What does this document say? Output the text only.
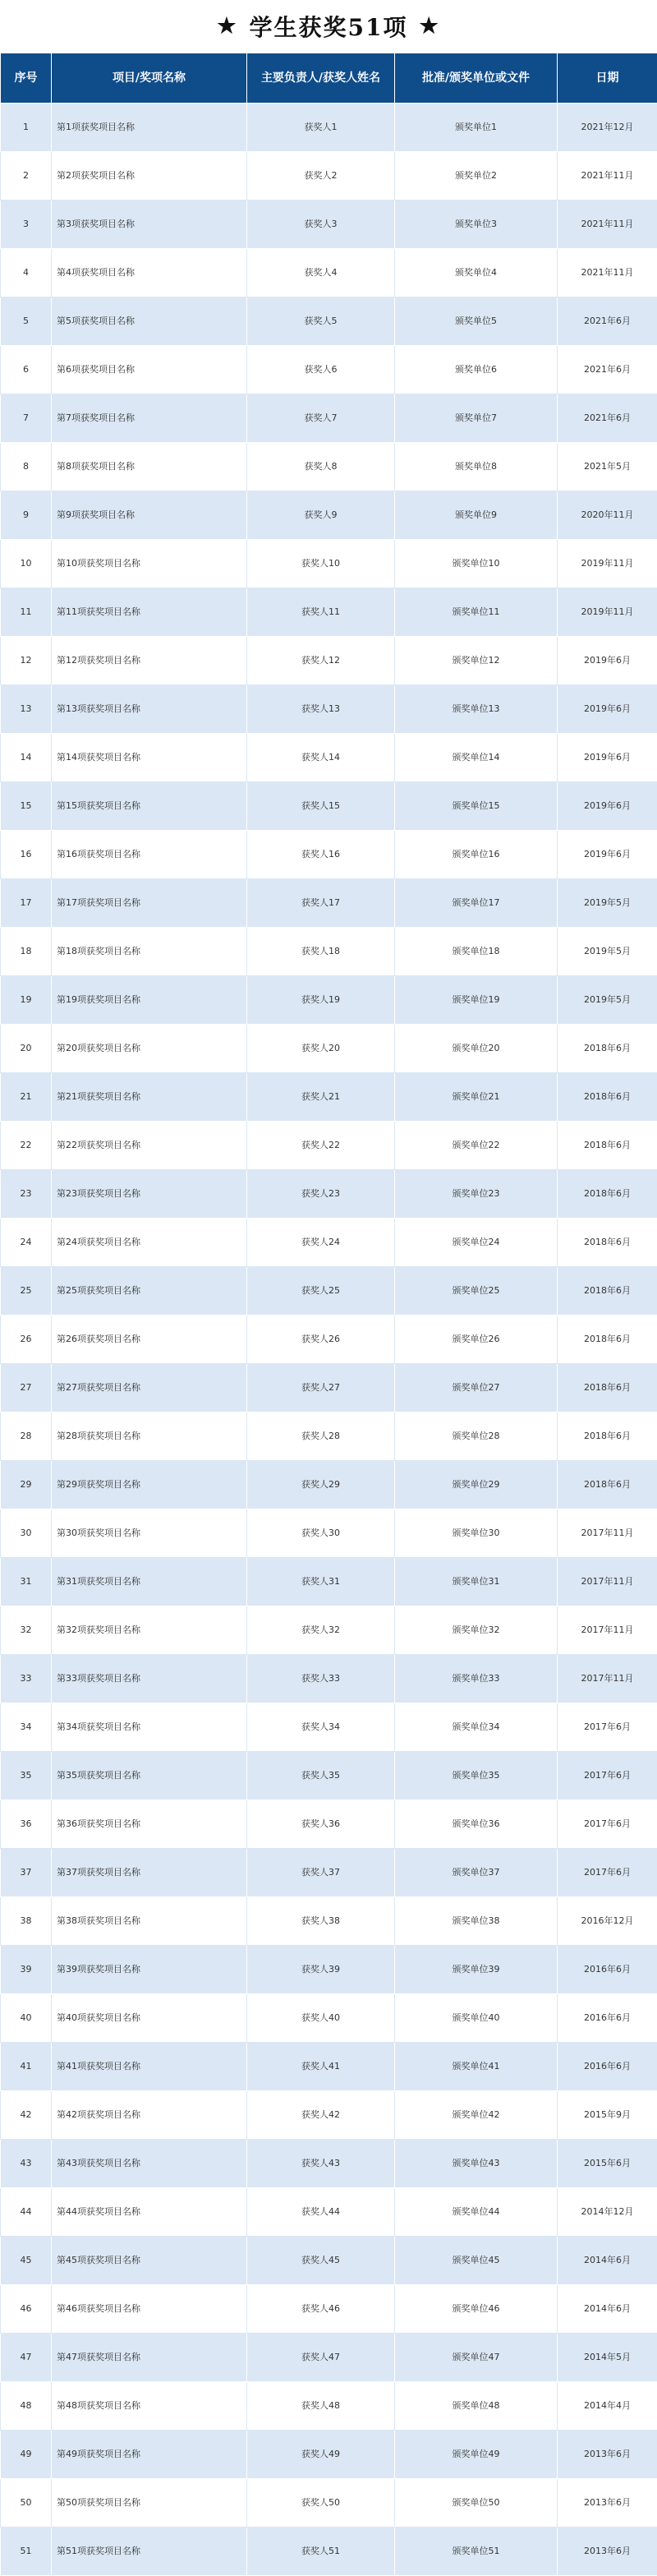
★ 学生获奖51项 ★
序号	项目/奖项名称	主要负责人/获奖人姓名	批准/颁奖单位或文件	日期
1	第1项获奖项目名称	获奖人1	颁奖单位1	2021年12月
2	第2项获奖项目名称	获奖人2	颁奖单位2	2021年11月
3	第3项获奖项目名称	获奖人3	颁奖单位3	2021年11月
4	第4项获奖项目名称	获奖人4	颁奖单位4	2021年11月
5	第5项获奖项目名称	获奖人5	颁奖单位5	2021年6月
6	第6项获奖项目名称	获奖人6	颁奖单位6	2021年6月
7	第7项获奖项目名称	获奖人7	颁奖单位7	2021年6月
8	第8项获奖项目名称	获奖人8	颁奖单位8	2021年5月
9	第9项获奖项目名称	获奖人9	颁奖单位9	2020年11月
10	第10项获奖项目名称	获奖人10	颁奖单位10	2019年11月
11	第11项获奖项目名称	获奖人11	颁奖单位11	2019年11月
12	第12项获奖项目名称	获奖人12	颁奖单位12	2019年6月
13	第13项获奖项目名称	获奖人13	颁奖单位13	2019年6月
14	第14项获奖项目名称	获奖人14	颁奖单位14	2019年6月
15	第15项获奖项目名称	获奖人15	颁奖单位15	2019年6月
16	第16项获奖项目名称	获奖人16	颁奖单位16	2019年6月
17	第17项获奖项目名称	获奖人17	颁奖单位17	2019年5月
18	第18项获奖项目名称	获奖人18	颁奖单位18	2019年5月
19	第19项获奖项目名称	获奖人19	颁奖单位19	2019年5月
20	第20项获奖项目名称	获奖人20	颁奖单位20	2018年6月
21	第21项获奖项目名称	获奖人21	颁奖单位21	2018年6月
22	第22项获奖项目名称	获奖人22	颁奖单位22	2018年6月
23	第23项获奖项目名称	获奖人23	颁奖单位23	2018年6月
24	第24项获奖项目名称	获奖人24	颁奖单位24	2018年6月
25	第25项获奖项目名称	获奖人25	颁奖单位25	2018年6月
26	第26项获奖项目名称	获奖人26	颁奖单位26	2018年6月
27	第27项获奖项目名称	获奖人27	颁奖单位27	2018年6月
28	第28项获奖项目名称	获奖人28	颁奖单位28	2018年6月
29	第29项获奖项目名称	获奖人29	颁奖单位29	2018年6月
30	第30项获奖项目名称	获奖人30	颁奖单位30	2017年11月
31	第31项获奖项目名称	获奖人31	颁奖单位31	2017年11月
32	第32项获奖项目名称	获奖人32	颁奖单位32	2017年11月
33	第33项获奖项目名称	获奖人33	颁奖单位33	2017年11月
34	第34项获奖项目名称	获奖人34	颁奖单位34	2017年6月
35	第35项获奖项目名称	获奖人35	颁奖单位35	2017年6月
36	第36项获奖项目名称	获奖人36	颁奖单位36	2017年6月
37	第37项获奖项目名称	获奖人37	颁奖单位37	2017年6月
38	第38项获奖项目名称	获奖人38	颁奖单位38	2016年12月
39	第39项获奖项目名称	获奖人39	颁奖单位39	2016年6月
40	第40项获奖项目名称	获奖人40	颁奖单位40	2016年6月
41	第41项获奖项目名称	获奖人41	颁奖单位41	2016年6月
42	第42项获奖项目名称	获奖人42	颁奖单位42	2015年9月
43	第43项获奖项目名称	获奖人43	颁奖单位43	2015年6月
44	第44项获奖项目名称	获奖人44	颁奖单位44	2014年12月
45	第45项获奖项目名称	获奖人45	颁奖单位45	2014年6月
46	第46项获奖项目名称	获奖人46	颁奖单位46	2014年6月
47	第47项获奖项目名称	获奖人47	颁奖单位47	2014年5月
48	第48项获奖项目名称	获奖人48	颁奖单位48	2014年4月
49	第49项获奖项目名称	获奖人49	颁奖单位49	2013年6月
50	第50项获奖项目名称	获奖人50	颁奖单位50	2013年6月
51	第51项获奖项目名称	获奖人51	颁奖单位51	2013年6月
